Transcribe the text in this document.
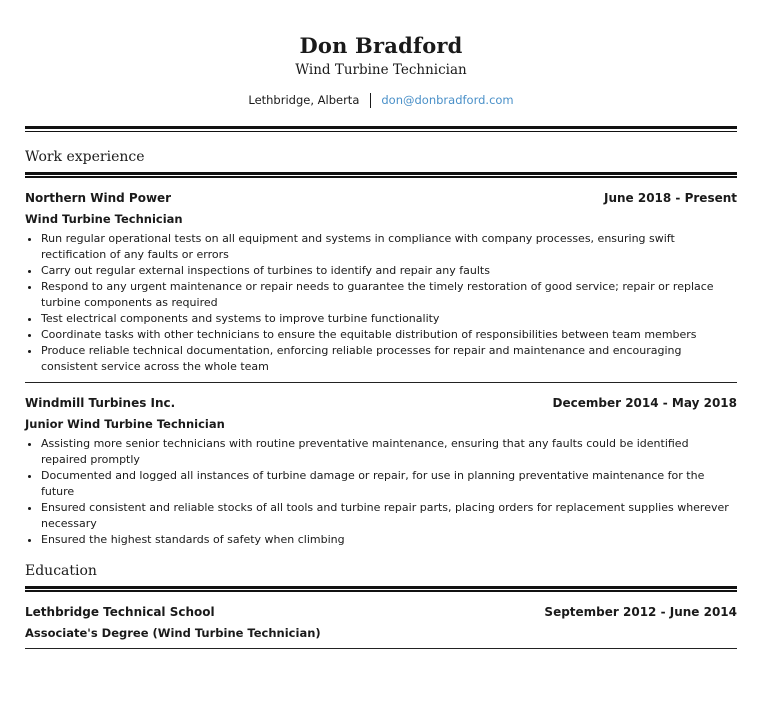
Don Bradford
Wind Turbine Technician
Lethbridge, Alberta don@donbradford.com
Work experience
Northern Wind Power	June 2018 - Present
Wind Turbine Technician
• Run regular operational tests on all equipment and systems in compliance with company processes, ensuring swift rectification of any faults or errors
• Carry out regular external inspections of turbines to identify and repair any faults
• Respond to any urgent maintenance or repair needs to guarantee the timely restoration of good service; repair or replace turbine components as required
• Test electrical components and systems to improve turbine functionality
• Coordinate tasks with other technicians to ensure the equitable distribution of responsibilities between team members
• Produce reliable technical documentation, enforcing reliable processes for repair and maintenance and encouraging consistent service across the whole team
Windmill Turbines Inc.	December 2014 - May 2018
Junior Wind Turbine Technician
• Assisting more senior technicians with routine preventative maintenance, ensuring that any faults could be identified repaired promptly
• Documented and logged all instances of turbine damage or repair, for use in planning preventative maintenance for the future
• Ensured consistent and reliable stocks of all tools and turbine repair parts, placing orders for replacement supplies wherever necessary
• Ensured the highest standards of safety when climbing
Education
Lethbridge Technical School	September 2012 - June 2014
Associate's Degree (Wind Turbine Technician)
